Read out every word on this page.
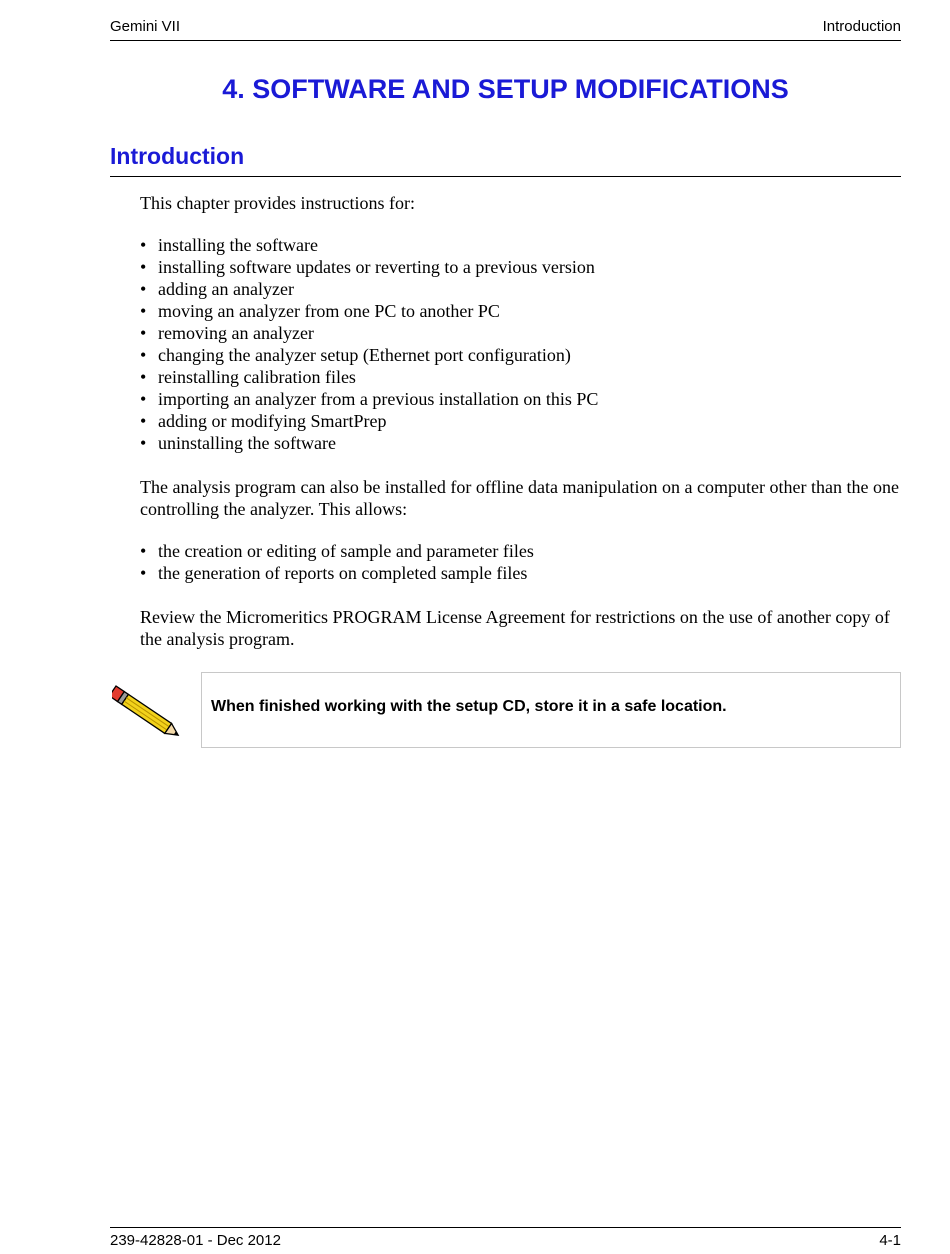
Gemini VII	Introduction
4. SOFTWARE AND SETUP MODIFICATIONS
Introduction

This chapter provides instructions for:

• installing the software
• installing software updates or reverting to a previous version
• adding an analyzer
• moving an analyzer from one PC to another PC
• removing an analyzer
• changing the analyzer setup (Ethernet port configuration)
• reinstalling calibration files
• importing an analyzer from a previous installation on this PC
• adding or modifying SmartPrep
• uninstalling the software

The analysis program can also be installed for offline data manipulation on a computer other than the one controlling the analyzer. This allows:

• the creation or editing of sample and parameter files
• the generation of reports on completed sample files

Review the Micromeritics PROGRAM License Agreement for restrictions on the use of another copy of the analysis program.

When finished working with the setup CD, store it in a safe location.
239-42828-01 - Dec 2012	4-1
